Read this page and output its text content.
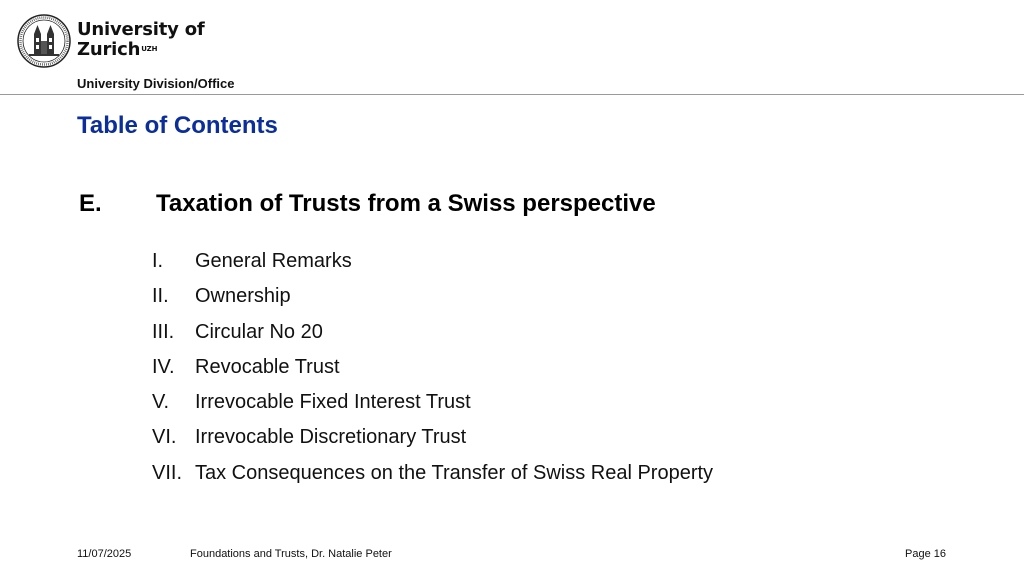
University of
Zurich$^{UZH}$
University Division/Office
Table of Contents
E. Taxation of Trusts from a Swiss perspective
I. General Remarks
II. Ownership
III. Circular No 20
IV. Revocable Trust
V. Irrevocable Fixed Interest Trust
VI. Irrevocable Discretionary Trust
VII. Tax Consequences on the Transfer of Swiss Real Property
11/07/2025	Foundations and Trusts, Dr. Natalie Peter	Page 16
